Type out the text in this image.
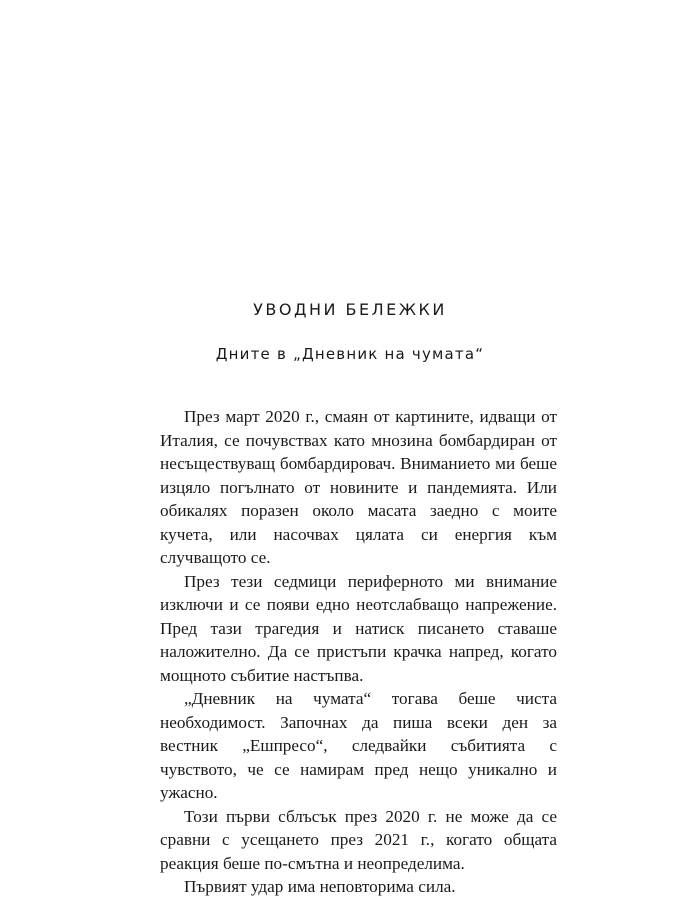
УВОДНИ БЕЛЕЖКИ
Дните в „Дневник на чумата“

През март 2020 г., смаян от картините, идващи от Италия, се почувствах като мнозина бомбардиран от несъществуващ бомбардировач. Вниманието ми беше изцяло погълнато от новините и пандемията. Или обикалях поразен около масата заедно с моите кучета, или насочвах цялата си енергия към случващото се.

През тези седмици периферното ми внимание изключи и се появи едно неотслабващо напрежение. Пред тази трагедия и натиск писането ставаше наложително. Да се пристъпи крачка напред, когато мощното събитие настъпва.

„Дневник на чумата“ тогава беше чиста необходимост. Започнах да пиша всеки ден за вестник „Ешпресо“, следвайки събитията с чувството, че се намирам пред нещо уникално и ужасно.

Този първи сблъсък през 2020 г. не може да се сравни с усещането през 2021 г., когато общата реакция беше по-смътна и неопределима.

Първият удар има неповторима сила.
